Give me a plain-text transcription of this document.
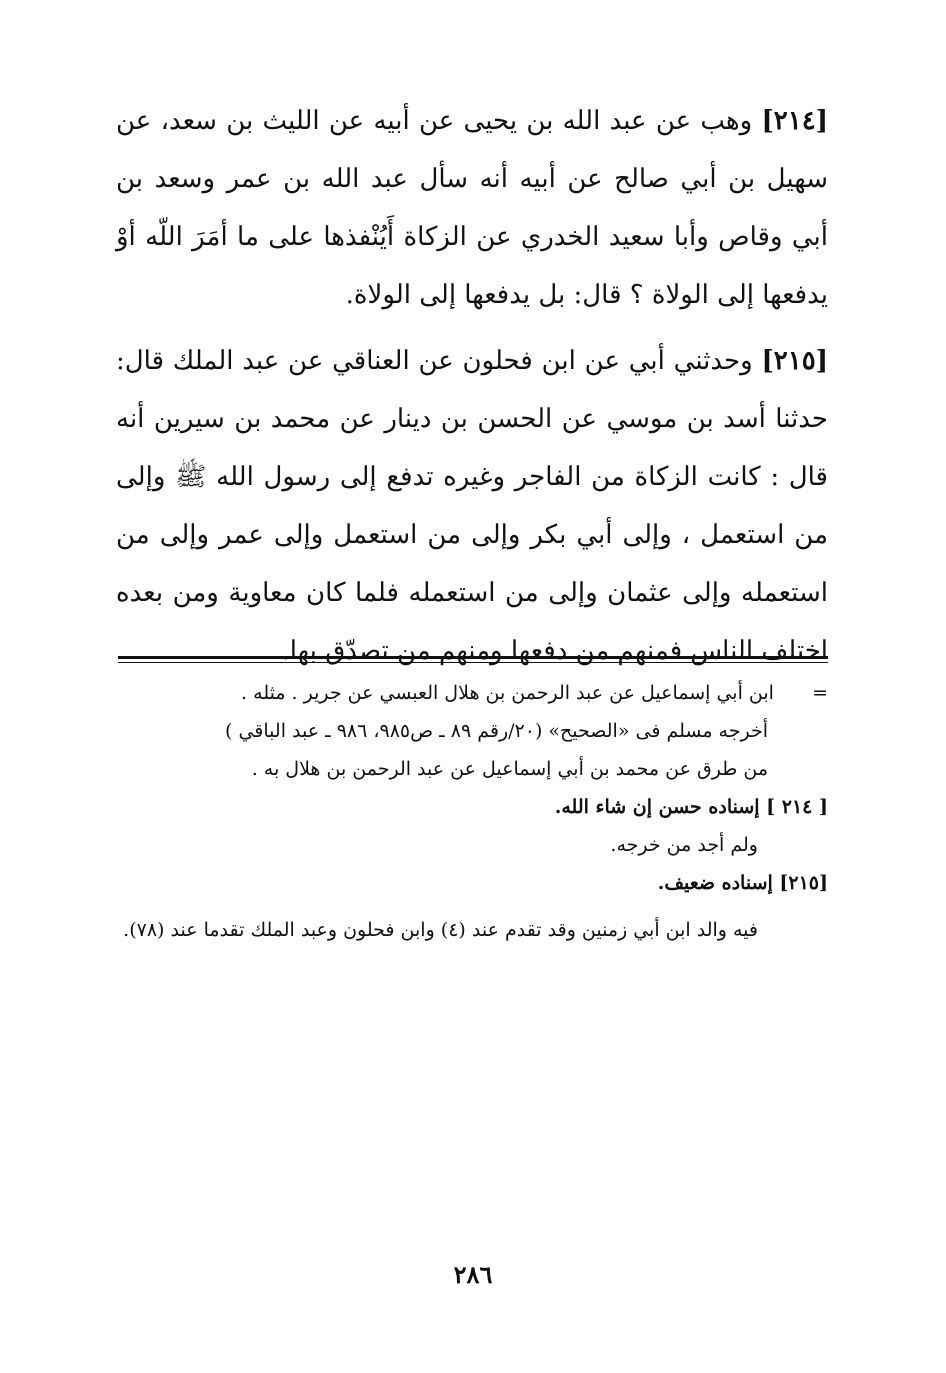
[٢١٤] وهب عن عبد الله بن يحيى عن أبيه عن الليث بن سعد، عن سهيل بن أبي صالح عن أبيه أنه سأل عبد الله بن عمر وسعد بن أبي وقاص وأبا سعيد الخدري عن الزكاة أَيُنْفذها على ما أمَرَ اللّه أوْ يدفعها إلى الولاة ؟ قال: بل يدفعها إلى الولاة.

[٢١٥] وحدثني أبي عن ابن فحلون عن العناقي عن عبد الملك قال: حدثنا أسد بن موسي عن الحسن بن دينار عن محمد بن سيرين أنه قال : كانت الزكاة من الفاجر وغيره تدفع إلى رسول الله ﷺ وإلى من استعمل ، وإلى أبي بكر وإلى من استعمل وإلى عمر وإلى من استعمله وإلى عثمان وإلى من استعمله فلما كان معاوية ومن بعده اختلف الناس فمنهم من دفعها ومنهم من تصدّق بها.

= ابن أبي إسماعيل عن عبد الرحمن بن هلال العبسي عن جرير . مثله .

أخرجه مسلم فى «الصحيح» (٢٠/رقم ٨٩ ـ ص٩٨٥، ٩٨٦ ـ عبد الباقي )

من طرق عن محمد بن أبي إسماعيل عن عبد الرحمن بن هلال به .

[ ٢١٤ ] إسناده حسن إن شاء الله.

ولم أجد من خرجه.

[٢١٥] إسناده ضعيف.

فيه والد ابن أبي زمنين وقد تقدم عند (٤) وابن فحلون وعبد الملك تقدما عند (٧٨).

٢٨٦
